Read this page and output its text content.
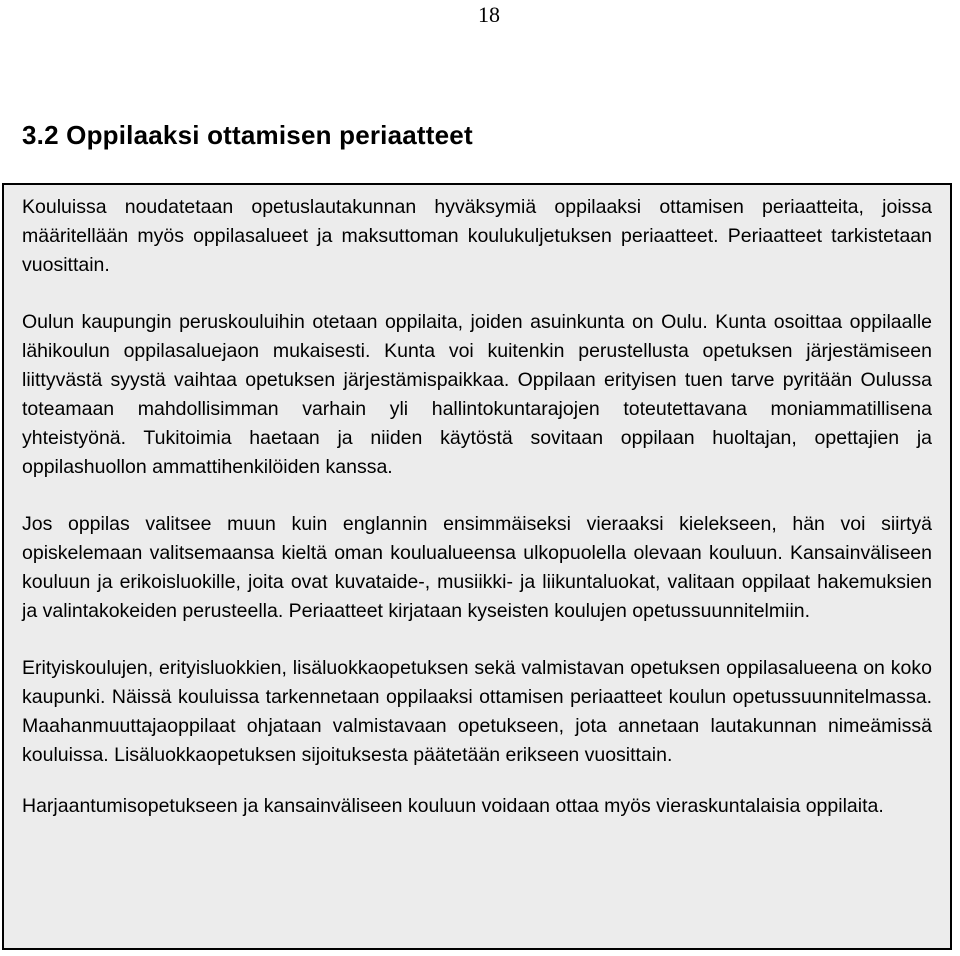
18
3.2 Oppilaaksi ottamisen periaatteet

Kouluissa noudatetaan opetuslautakunnan hyväksymiä oppilaaksi ottamisen periaatteita, joissa määritellään myös oppilasalueet ja maksuttoman koulukuljetuksen periaatteet. Periaatteet tarkistetaan vuosittain.

Oulun kaupungin peruskouluihin otetaan oppilaita, joiden asuinkunta on Oulu. Kunta osoittaa oppilaalle lähikoulun oppilasaluejaon mukaisesti. Kunta voi kuitenkin perustellusta opetuksen järjestämiseen liittyvästä syystä vaihtaa opetuksen järjestämispaikkaa. Oppilaan erityisen tuen tarve pyritään Oulussa toteamaan mahdollisimman varhain yli hallintokuntarajojen toteutettavana moniammatillisena yhteistyönä. Tukitoimia haetaan ja niiden käytöstä sovitaan oppilaan huoltajan, opettajien ja oppilashuollon ammattihenkilöiden kanssa.

Jos oppilas valitsee muun kuin englannin ensimmäiseksi vieraaksi kielekseen, hän voi siirtyä opiskelemaan valitsemaansa kieltä oman koulualueensa ulkopuolella olevaan kouluun. Kansainväliseen kouluun ja erikoisluokille, joita ovat kuvataide-, musiikki- ja liikuntaluokat, valitaan oppilaat hakemuksien ja valintakokeiden perusteella. Periaatteet kirjataan kyseisten koulujen opetussuunnitelmiin.

Erityiskoulujen, erityisluokkien, lisäluokkaopetuksen sekä valmistavan opetuksen oppilasalueena on koko kaupunki. Näissä kouluissa tarkennetaan oppilaaksi ottamisen periaatteet koulun opetussuunnitelmassa. Maahanmuuttajaoppilaat ohjataan valmistavaan opetukseen, jota annetaan lautakunnan nimeämissä kouluissa. Lisäluokkaopetuksen sijoituksesta päätetään erikseen vuosittain.

Harjaantumisopetukseen ja kansainväliseen kouluun voidaan ottaa myös vieraskuntalaisia oppilaita.
